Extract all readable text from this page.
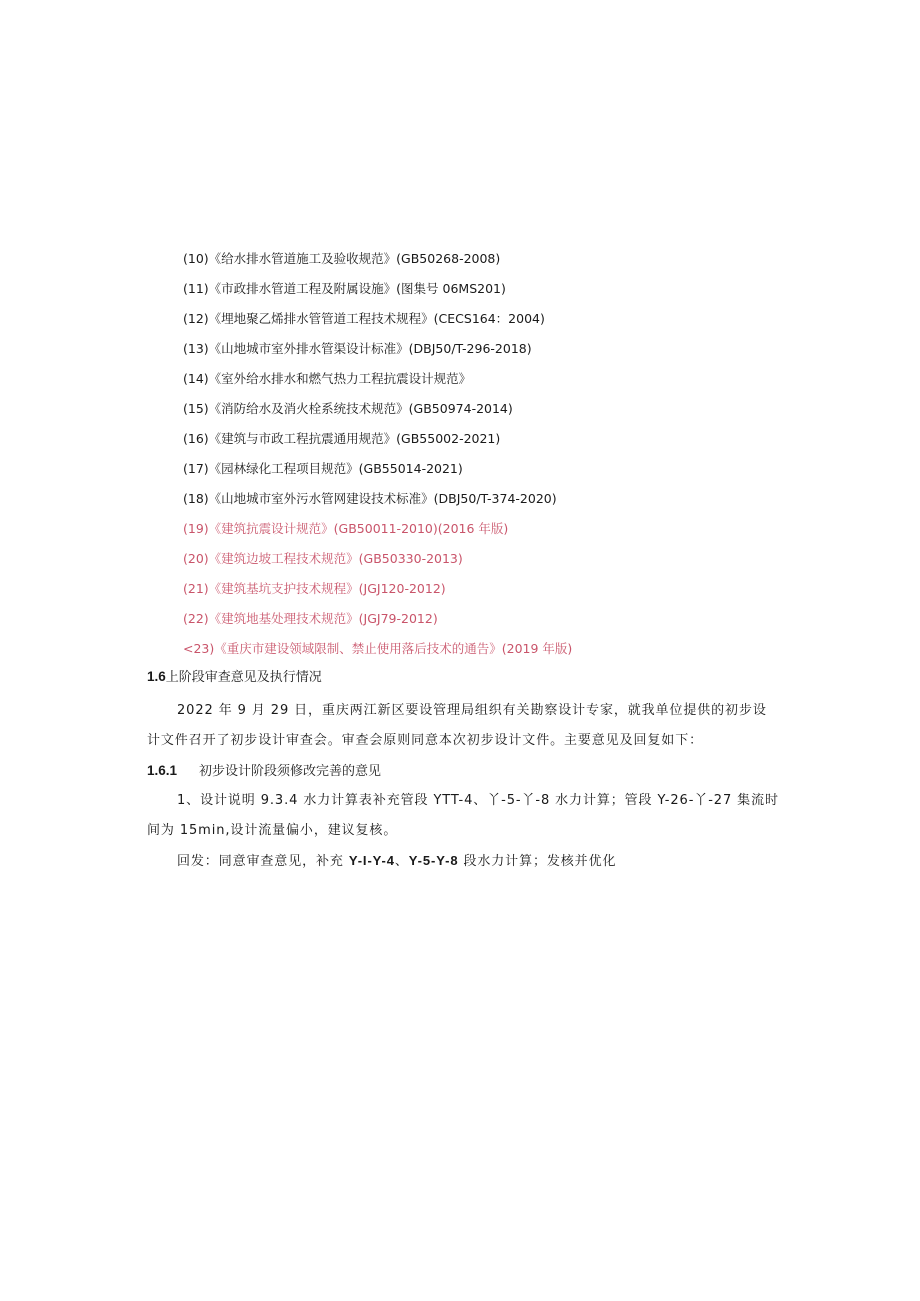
(10)《给水排水管道施工及验收规范》(GB50268-2008)
(11)《市政排水管道工程及附属设施》(图集号 06MS201)
(12)《埋地聚乙烯排水管管道工程技术规程》(CECS164：2004)
(13)《山地城市室外排水管渠设计标准》(DBJ50/T-296-2018)
(14)《室外给水排水和燃气热力工程抗震设计规范》
(15)《消防给水及消火栓系统技术规范》(GB50974-2014)
(16)《建筑与市政工程抗震通用规范》(GB55002-2021)
(17)《园林绿化工程项目规范》(GB55014-2021)
(18)《山地城市室外污水管网建设技术标准》(DBJ50/T-374-2020)
(19)《建筑抗震设计规范》(GB50011-2010)(2016 年版)
(20)《建筑边坡工程技术规范》(GB50330-2013)
(21)《建筑基坑支护技术规程》(JGJ120-2012)
(22)《建筑地基处理技术规范》(JGJ79-2012)
<23)《重庆市建设领域限制、禁止使用落后技术的通告》(2019 年版)
1.6上阶段审查意见及执行情况
2022 年 9 月 29 日，重庆两江新区要设管理局组织有关勘察设计专家，就我单位提供的初步设
计文件召开了初步设计审查会。审查会原则同意本次初步设计文件。主要意见及回复如下：
1.6.1 初步设计阶段须修改完善的意见
1、设计说明 9.3.4 水力计算表补充管段 YTT-4、丫-5-丫-8 水力计算；管段 Y-26-丫-27 集流时
间为 15min,设计流量偏小，建议复核。
回发：同意审查意见，补充 Y-I-Y-4、Y-5-Y-8 段水力计算；发核并优化
